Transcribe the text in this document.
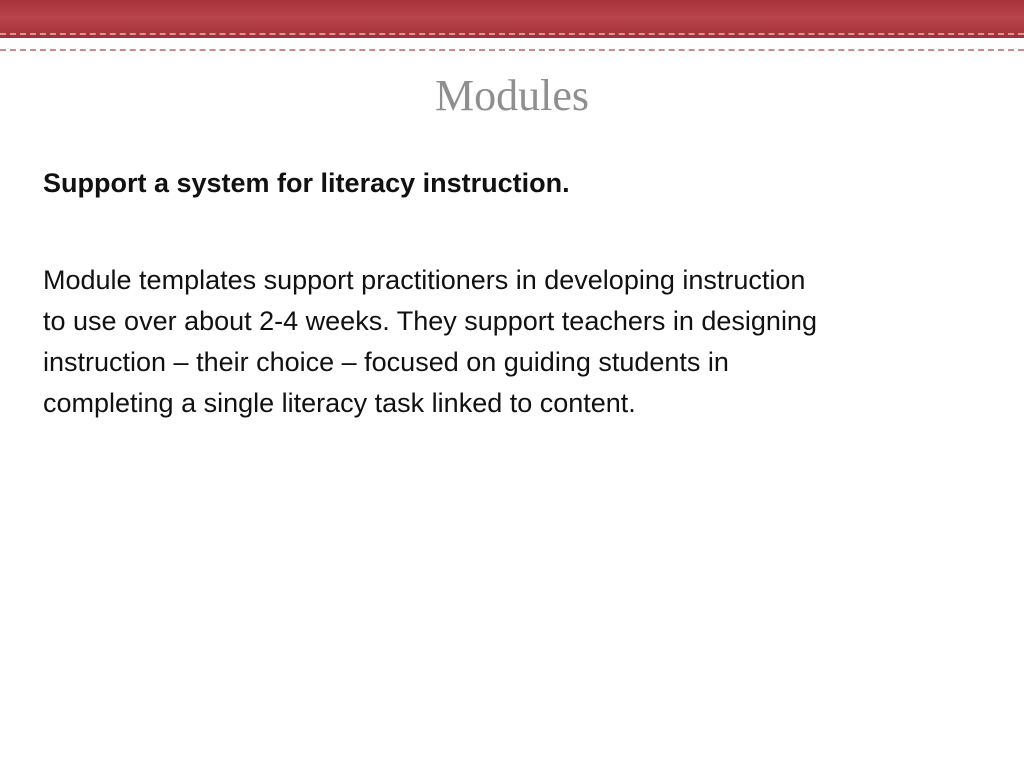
Modules
Support a system for literacy instruction.
Module templates support practitioners in developing instruction
to use over about 2-4 weeks. They support teachers in designing
instruction – their choice – focused on guiding students in
completing a single literacy task linked to content.
